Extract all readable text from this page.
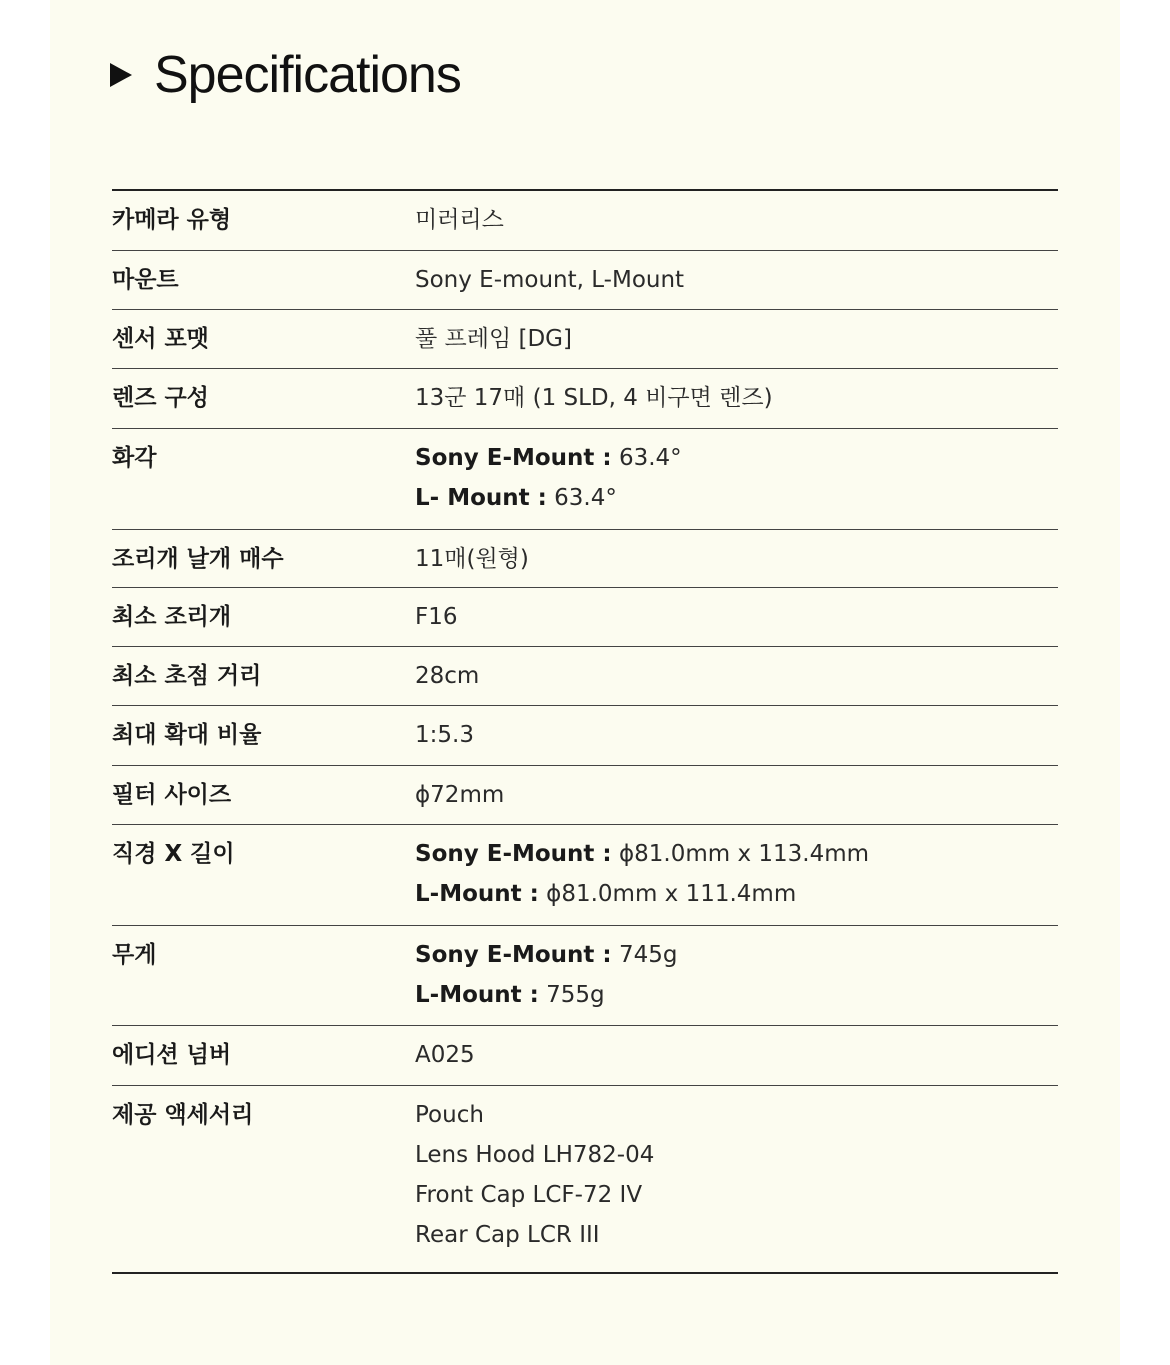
Specifications
카메라 유형	미러리스
마운트	Sony E-mount, L-Mount
센서 포맷	풀 프레임 [DG]
렌즈 구성	13군 17매 (1 SLD, 4 비구면 렌즈)
화각	Sony E-Mount : 63.4°
L- Mount : 63.4°
조리개 날개 매수	11매(원형)
최소 조리개	F16
최소 초점 거리	28cm
최대 확대 비율	1:5.3
필터 사이즈	ϕ72mm
직경 X 길이	Sony E-Mount : ϕ81.0mm x 113.4mm
L-Mount : ϕ81.0mm x 111.4mm
무게	Sony E-Mount : 745g
L-Mount : 755g
에디션 넘버	A025
제공 액세서리	Pouch
Lens Hood LH782-04
Front Cap LCF-72 IV
Rear Cap LCR III
